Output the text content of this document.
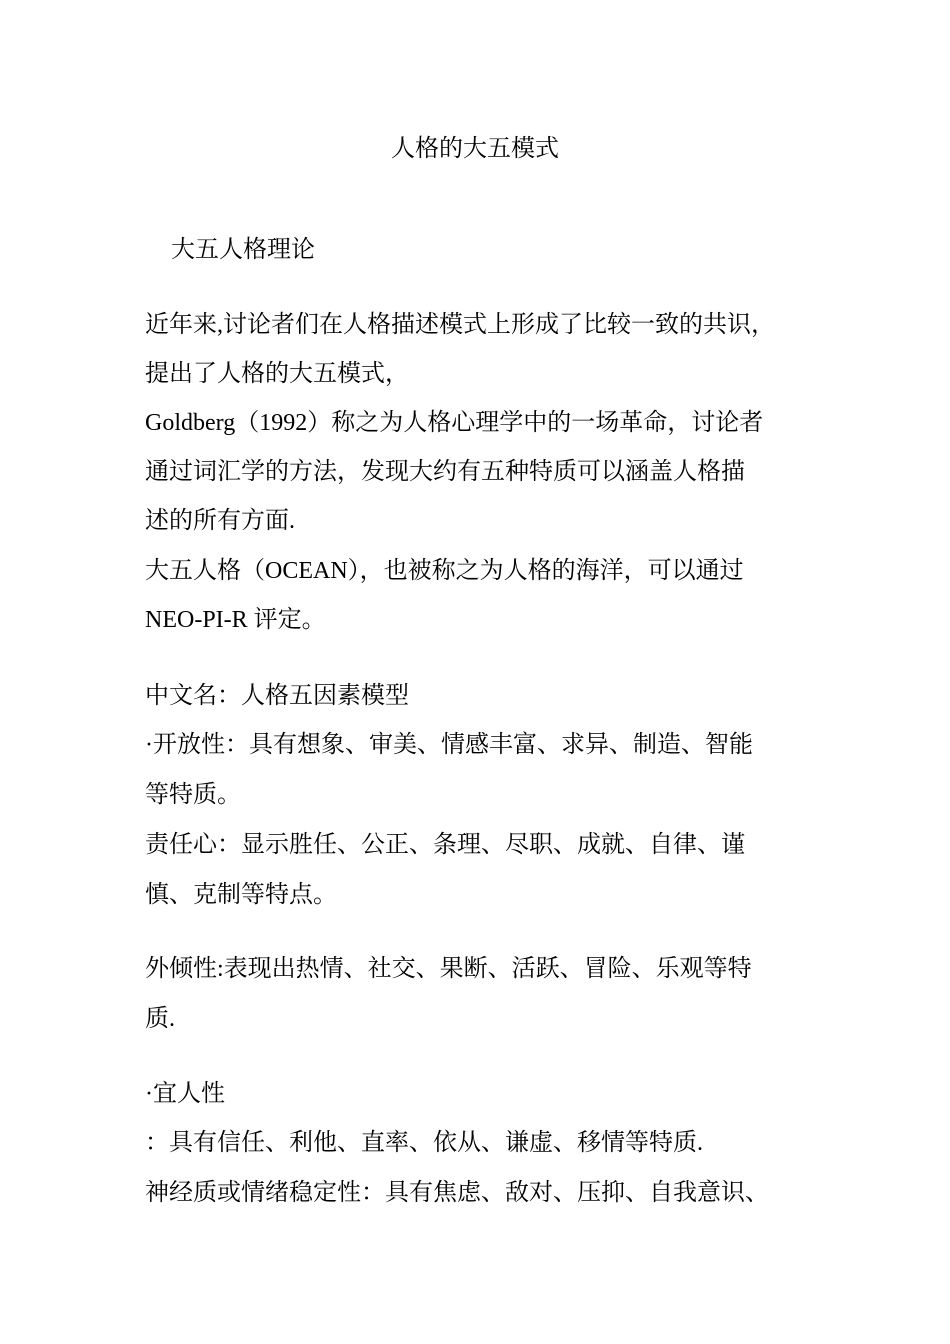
人格的大五模式
大五人格理论
近年来,讨论者们在人格描述模式上形成了比较一致的共识，
提出了人格的大五模式，
Goldberg（1992）称之为人格心理学中的一场革命，讨论者
通过词汇学的方法，发现大约有五种特质可以涵盖人格描
述的所有方面.
大五人格（OCEAN），也被称之为人格的海洋，可以通过
NEO-PI-R 评定。
中文名：人格五因素模型
·开放性：具有想象、审美、情感丰富、求异、制造、智能
等特质。
责任心：显示胜任、公正、条理、尽职、成就、自律、谨
慎、克制等特点。
外倾性:表现出热情、社交、果断、活跃、冒险、乐观等特
质.
·宜人性
：具有信任、利他、直率、依从、谦虚、移情等特质.
神经质或情绪稳定性：具有焦虑、敌对、压抑、自我意识、
